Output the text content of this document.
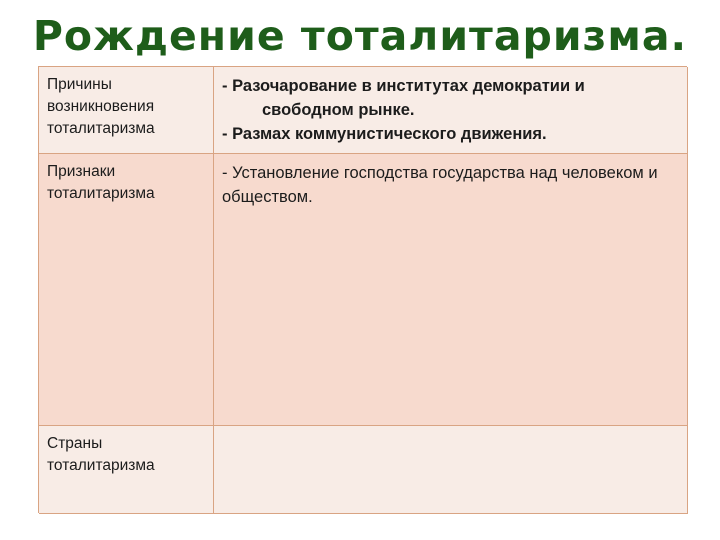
Рождение тоталитаризма.
Причины возникновения тоталитаризма
- Разочарование в институтах демократии и
свободном рынке.
- Размах коммунистического движения.
Признаки тоталитаризма
- Установление господства государства над человеком и обществом.
Страны тоталитаризма
